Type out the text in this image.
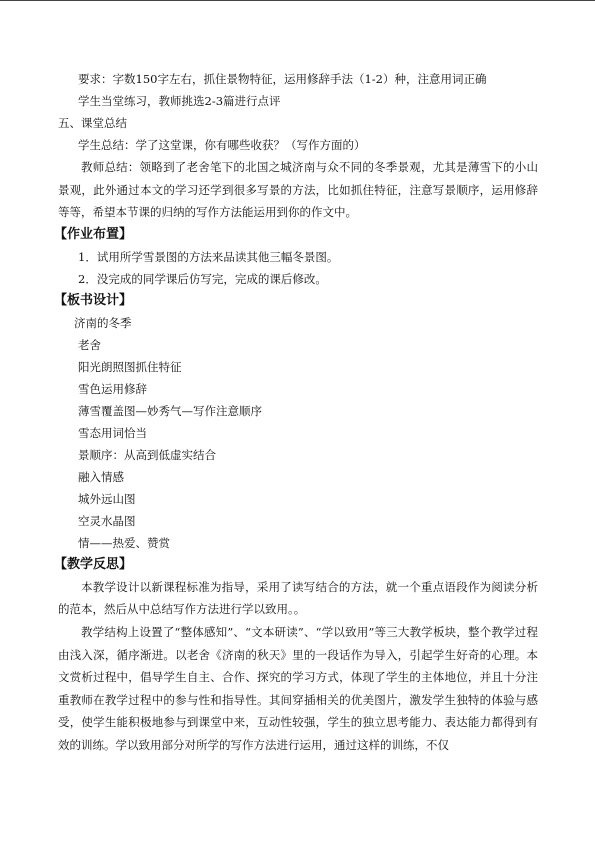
要求：字数150字左右，抓住景物特征，运用修辞手法（1-2）种，注意用词正确
学生当堂练习，教师挑选2-3篇进行点评
五、课堂总结
学生总结：学了这堂课，你有哪些收获？（写作方面的）
教师总结：领略到了老舍笔下的北国之城济南与众不同的冬季景观，尤其是薄雪下的小山景观，此外通过本文的学习还学到很多写景的方法，比如抓住特征，注意写景顺序，运用修辞等等，希望本节课的归纳的写作方法能运用到你的作文中。
【作业布置】
1．试用所学雪景图的方法来品读其他三幅冬景图。
2．没完成的同学课后仿写完，完成的课后修改。
【板书设计】
济南的冬季
老舍
阳光朗照图抓住特征
雪色运用修辞
薄雪覆盖图—妙秀气—写作注意顺序
雪态用词恰当
景顺序：从高到低虚实结合
融入情感
城外远山图
空灵水晶图
情——热爱、赞赏
【教学反思】
本教学设计以新课程标准为指导，采用了读写结合的方法，就一个重点语段作为阅读分析的范本，然后从中总结写作方法进行学以致用。。
教学结构上设置了“整体感知”、“文本研读”、“学以致用”等三大教学板块，整个教学过程由浅入深，循序渐进。以老舍《济南的秋天》里的一段话作为导入，引起学生好奇的心理。本文赏析过程中，倡导学生自主、合作、探究的学习方式，体现了学生的主体地位，并且十分注重教师在教学过程中的参与性和指导性。其间穿插相关的优美图片，激发学生独特的体验与感受，使学生能积极地参与到课堂中来，互动性较强，学生的独立思考能力、表达能力都得到有效的训练。学以致用部分对所学的写作方法进行运用，通过这样的训练，不仅
